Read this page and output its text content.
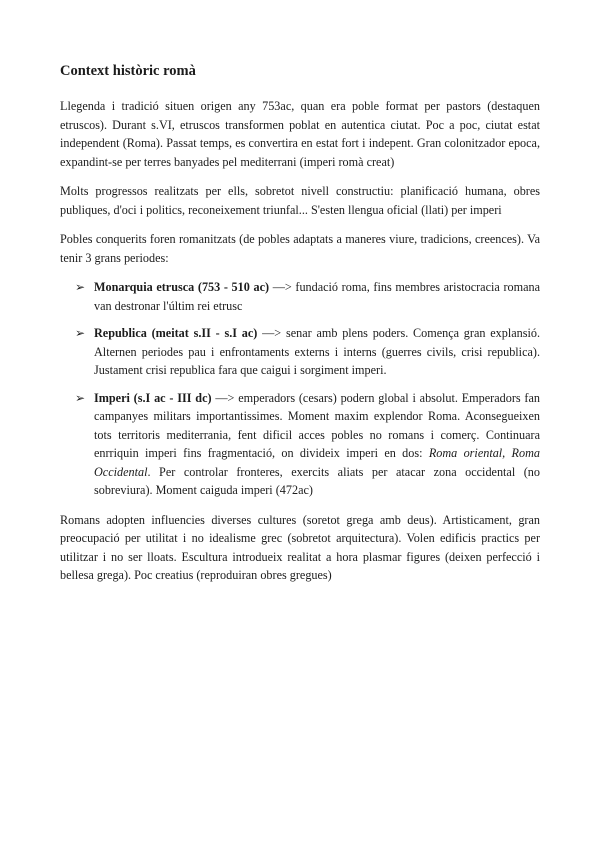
Context històric romà

Llegenda i tradició situen origen any 753ac, quan era poble format per pastors (destaquen etruscos). Durant s.VI, etruscos transformen poblat en autentica ciutat. Poc a poc, ciutat estat independent (Roma). Passat temps, es convertira en estat fort i indepent. Gran colonitzador epoca, expandint-se per terres banyades pel mediterrani (imperi romà creat)

Molts progressos realitzats per ells, sobretot nivell constructiu: planificació humana, obres publiques, d'oci i politics, reconeixement triunfal... S'esten llengua oficial (llati) per imperi

Pobles conquerits foren romanitzats (de pobles adaptats a maneres viure, tradicions, creences). Va tenir 3 grans periodes:

➢ Monarquia etrusca (753 - 510 ac) —> fundació roma, fins membres aristocracia romana van destronar l'últim rei etrusc
➢ Republica (meitat s.II - s.I ac) —> senar amb plens poders. Comença gran explansió. Alternen periodes pau i enfrontaments externs i interns (guerres civils, crisi republica). Justament crisi republica fara que caigui i sorgiment imperi.
➢ Imperi (s.I ac - III dc) —> emperadors (cesars) podern global i absolut. Emperadors fan campanyes militars importantissimes. Moment maxim explendor Roma. Aconsegueixen tots territoris mediterrania, fent dificil acces pobles no romans i comerç. Continuara enrriquin imperi fins fragmentació, on divideix imperi en dos: Roma oriental, Roma Occidental. Per controlar fronteres, exercits aliats per atacar zona occidental (no sobreviura). Moment caiguda imperi (472ac)

Romans adopten influencies diverses cultures (soretot grega amb deus). Artisticament, gran preocupació per utilitat i no idealisme grec (sobretot arquitectura). Volen edificis practics per utilitzar i no ser lloats. Escultura introdueix realitat a hora plasmar figures (deixen perfecció i bellesa grega). Poc creatius (reproduiran obres gregues)
